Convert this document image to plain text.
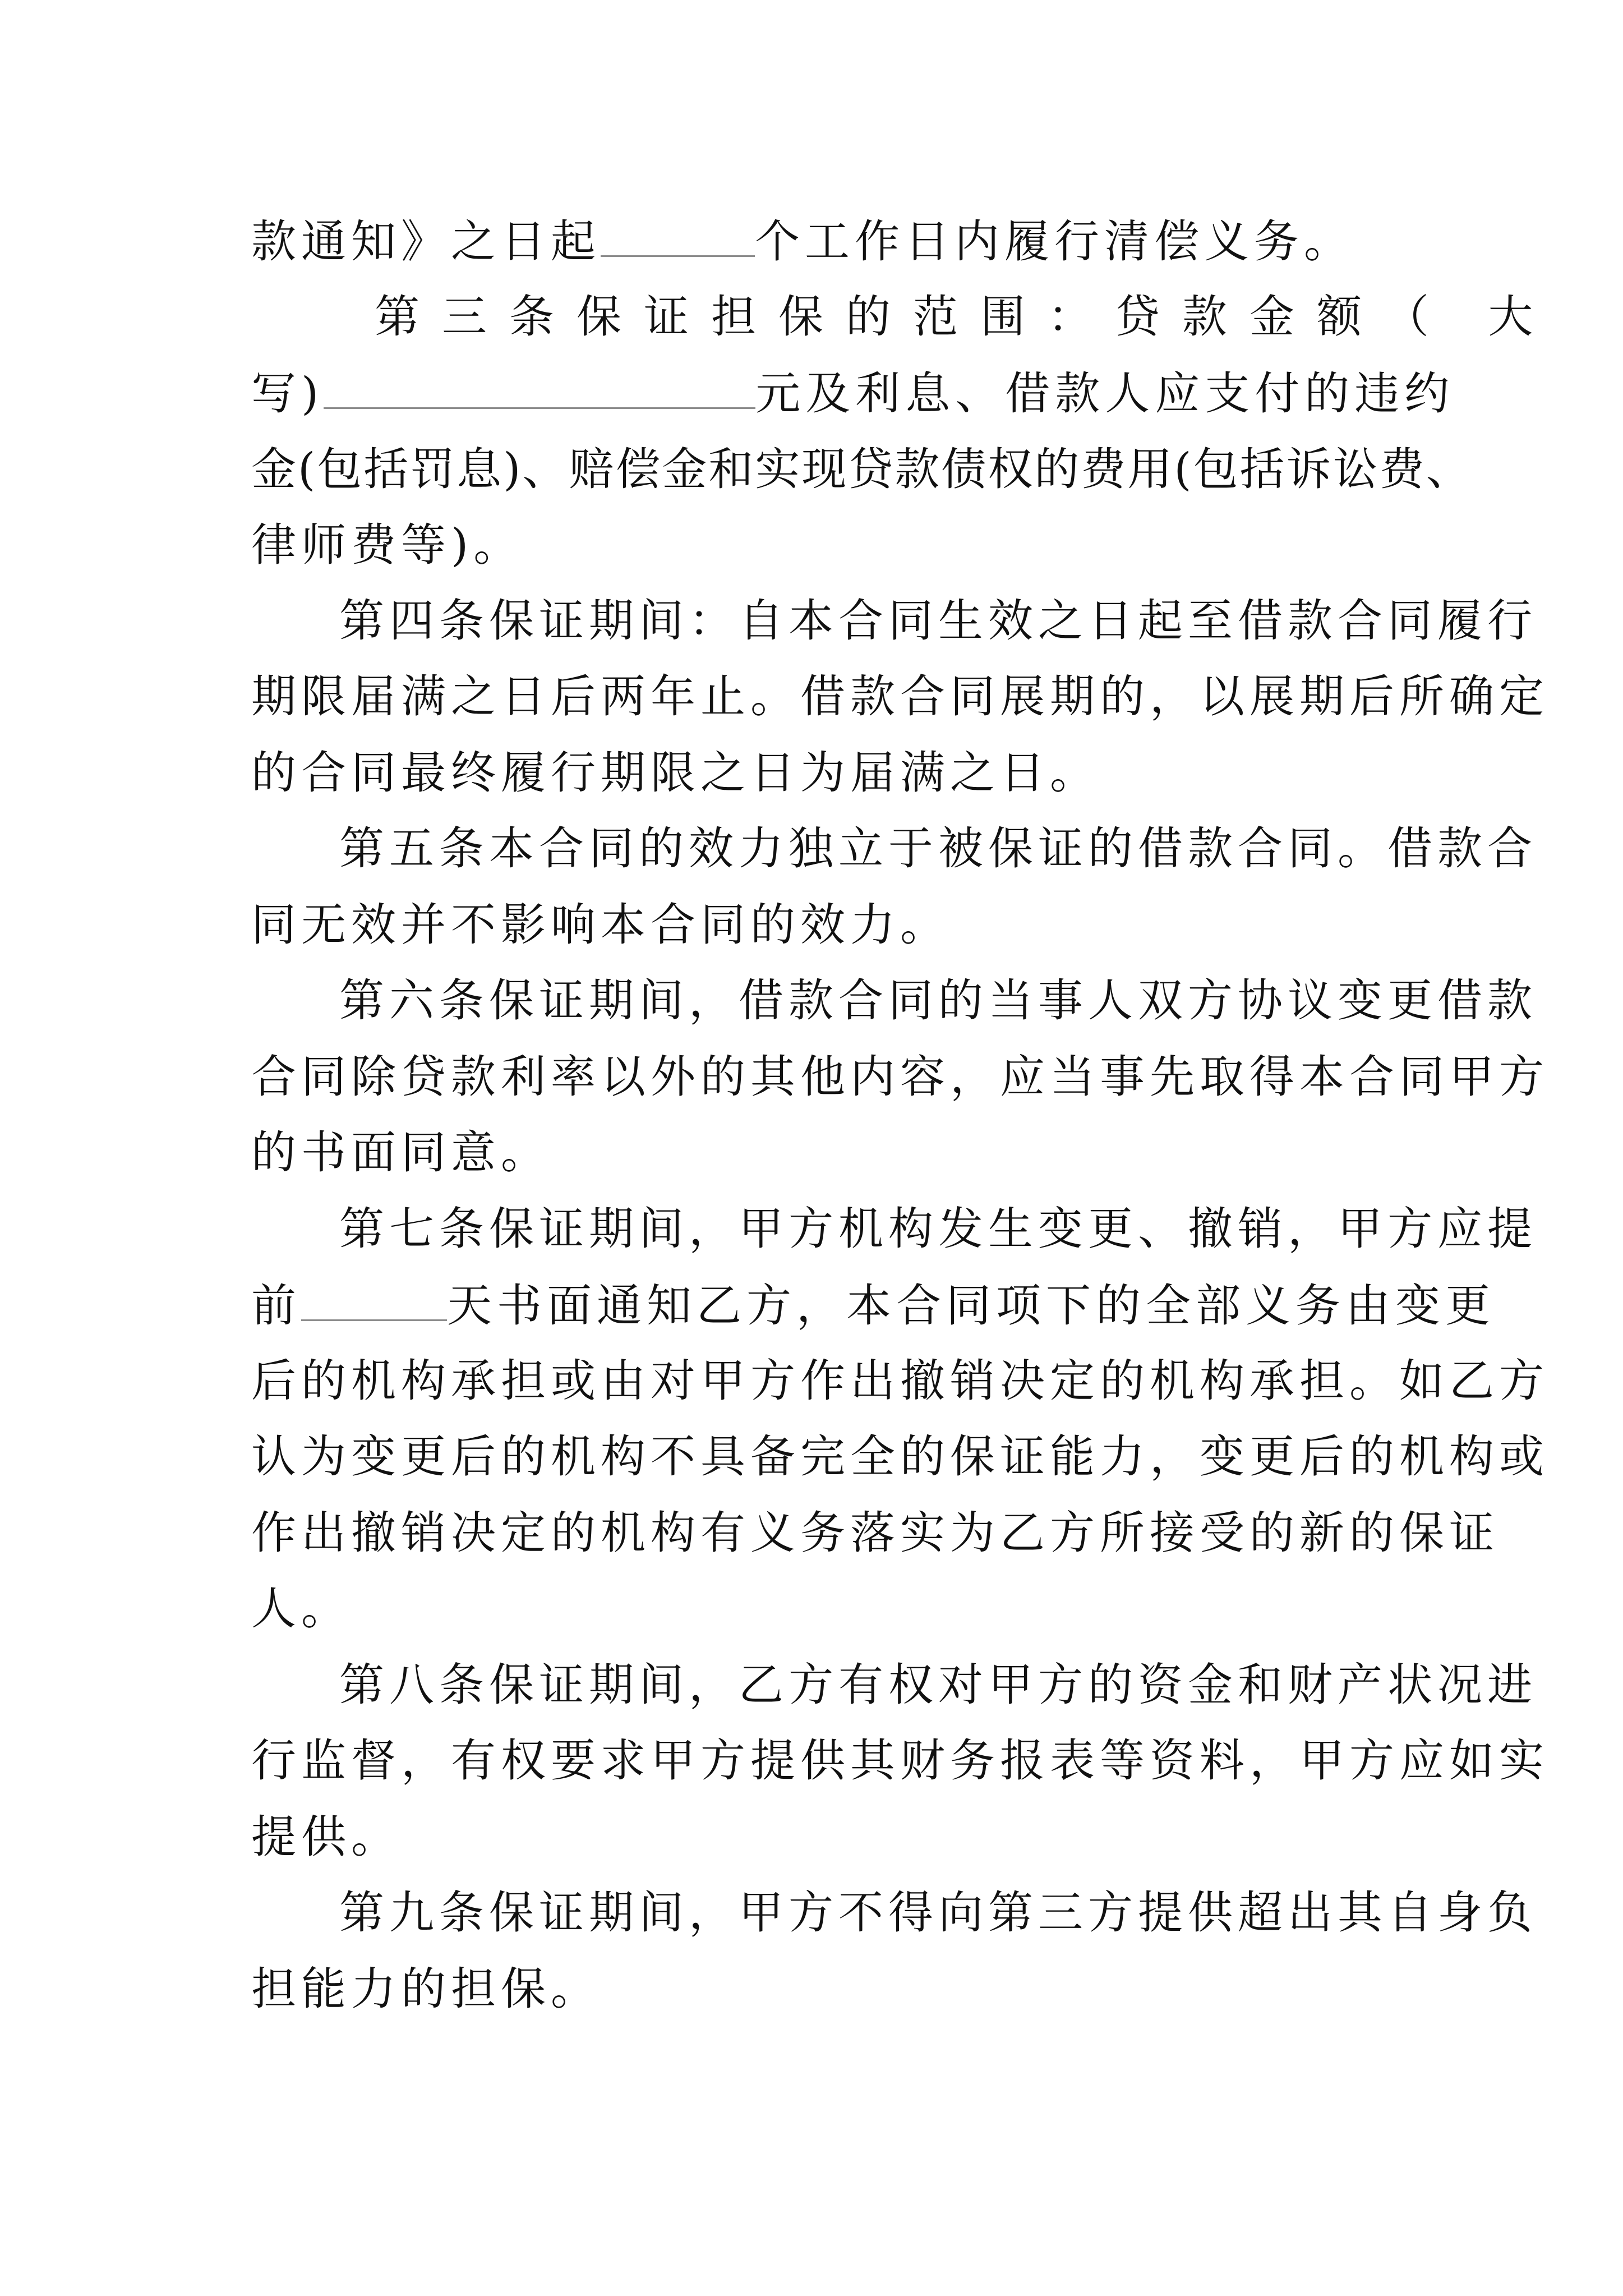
款通知》之日起	个工作日内履行清偿义务。
第三条保证担保的范围：贷款金额（ 大
写)	元及利息、借款人应支付的违约
金(包括罚息)、赔偿金和实现贷款债权的费用(包括诉讼费、
律师费等)。
第四条保证期间：自本合同生效之日起至借款合同履行
期限届满之日后两年止。借款合同展期的，以展期后所确定
的合同最终履行期限之日为届满之日。
第五条本合同的效力独立于被保证的借款合同。借款合
同无效并不影响本合同的效力。
第六条保证期间，借款合同的当事人双方协议变更借款
合同除贷款利率以外的其他内容，应当事先取得本合同甲方
的书面同意。
第七条保证期间，甲方机构发生变更、撤销，甲方应提
前	天书面通知乙方，本合同项下的全部义务由变更
后的机构承担或由对甲方作出撤销决定的机构承担。如乙方
认为变更后的机构不具备完全的保证能力，变更后的机构或
作出撤销决定的机构有义务落实为乙方所接受的新的保证
人。
第八条保证期间，乙方有权对甲方的资金和财产状况进
行监督，有权要求甲方提供其财务报表等资料，甲方应如实
提供。
第九条保证期间，甲方不得向第三方提供超出其自身负
担能力的担保。
